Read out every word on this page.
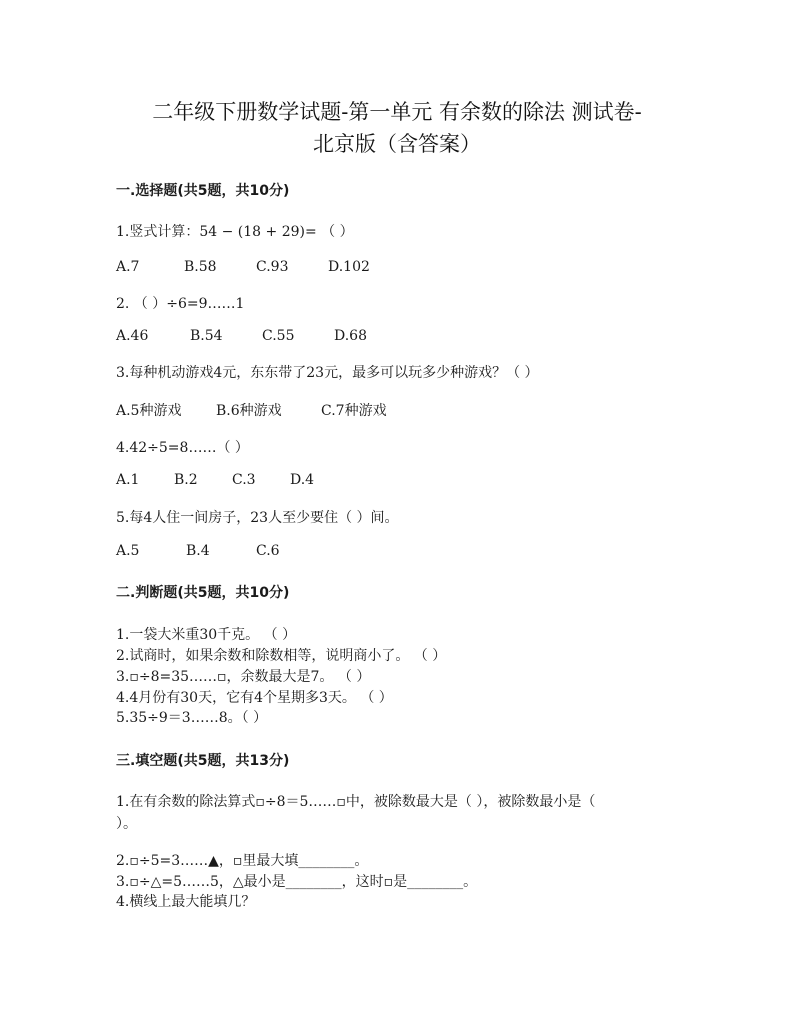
二年级下册数学试题-第一单元 有余数的除法 测试卷-
北京版（含答案）
一.选择题(共5题，共10分)
1.竖式计算：54 − (18 + 29)= （ ）
A.7	B.58	C.93	D.102
2. （ ）÷6=9……1
A.46	B.54	C.55	D.68
3.每种机动游戏4元，东东带了23元，最多可以玩多少种游戏？（ ）
A.5种游戏 B.6种游戏	C.7种游戏
4.42÷5=8……（ ）
A.1 B.2 C.3 D.4
5.每4人住一间房子，23人至少要住（ ）间。
A.5	B.4	C.6
二.判断题(共5题，共10分)
1.一袋大米重30千克。 （ ）
2.试商时，如果余数和除数相等，说明商小了。 （ ）
3.▫÷8=35……▫，余数最大是7。 （ ）
4.4月份有30天，它有4个星期多3天。 （ ）
5.35÷9＝3……8。（ ）
三.填空题(共5题，共13分)
1.在有余数的除法算式▫÷8＝5……▫中，被除数最大是（ ），被除数最小是（
）。
2.▫÷5=3……▲，▫里最大填________。
3.▫÷△=5……5，△最小是________，这时▫是________。
4.横线上最大能填几？
